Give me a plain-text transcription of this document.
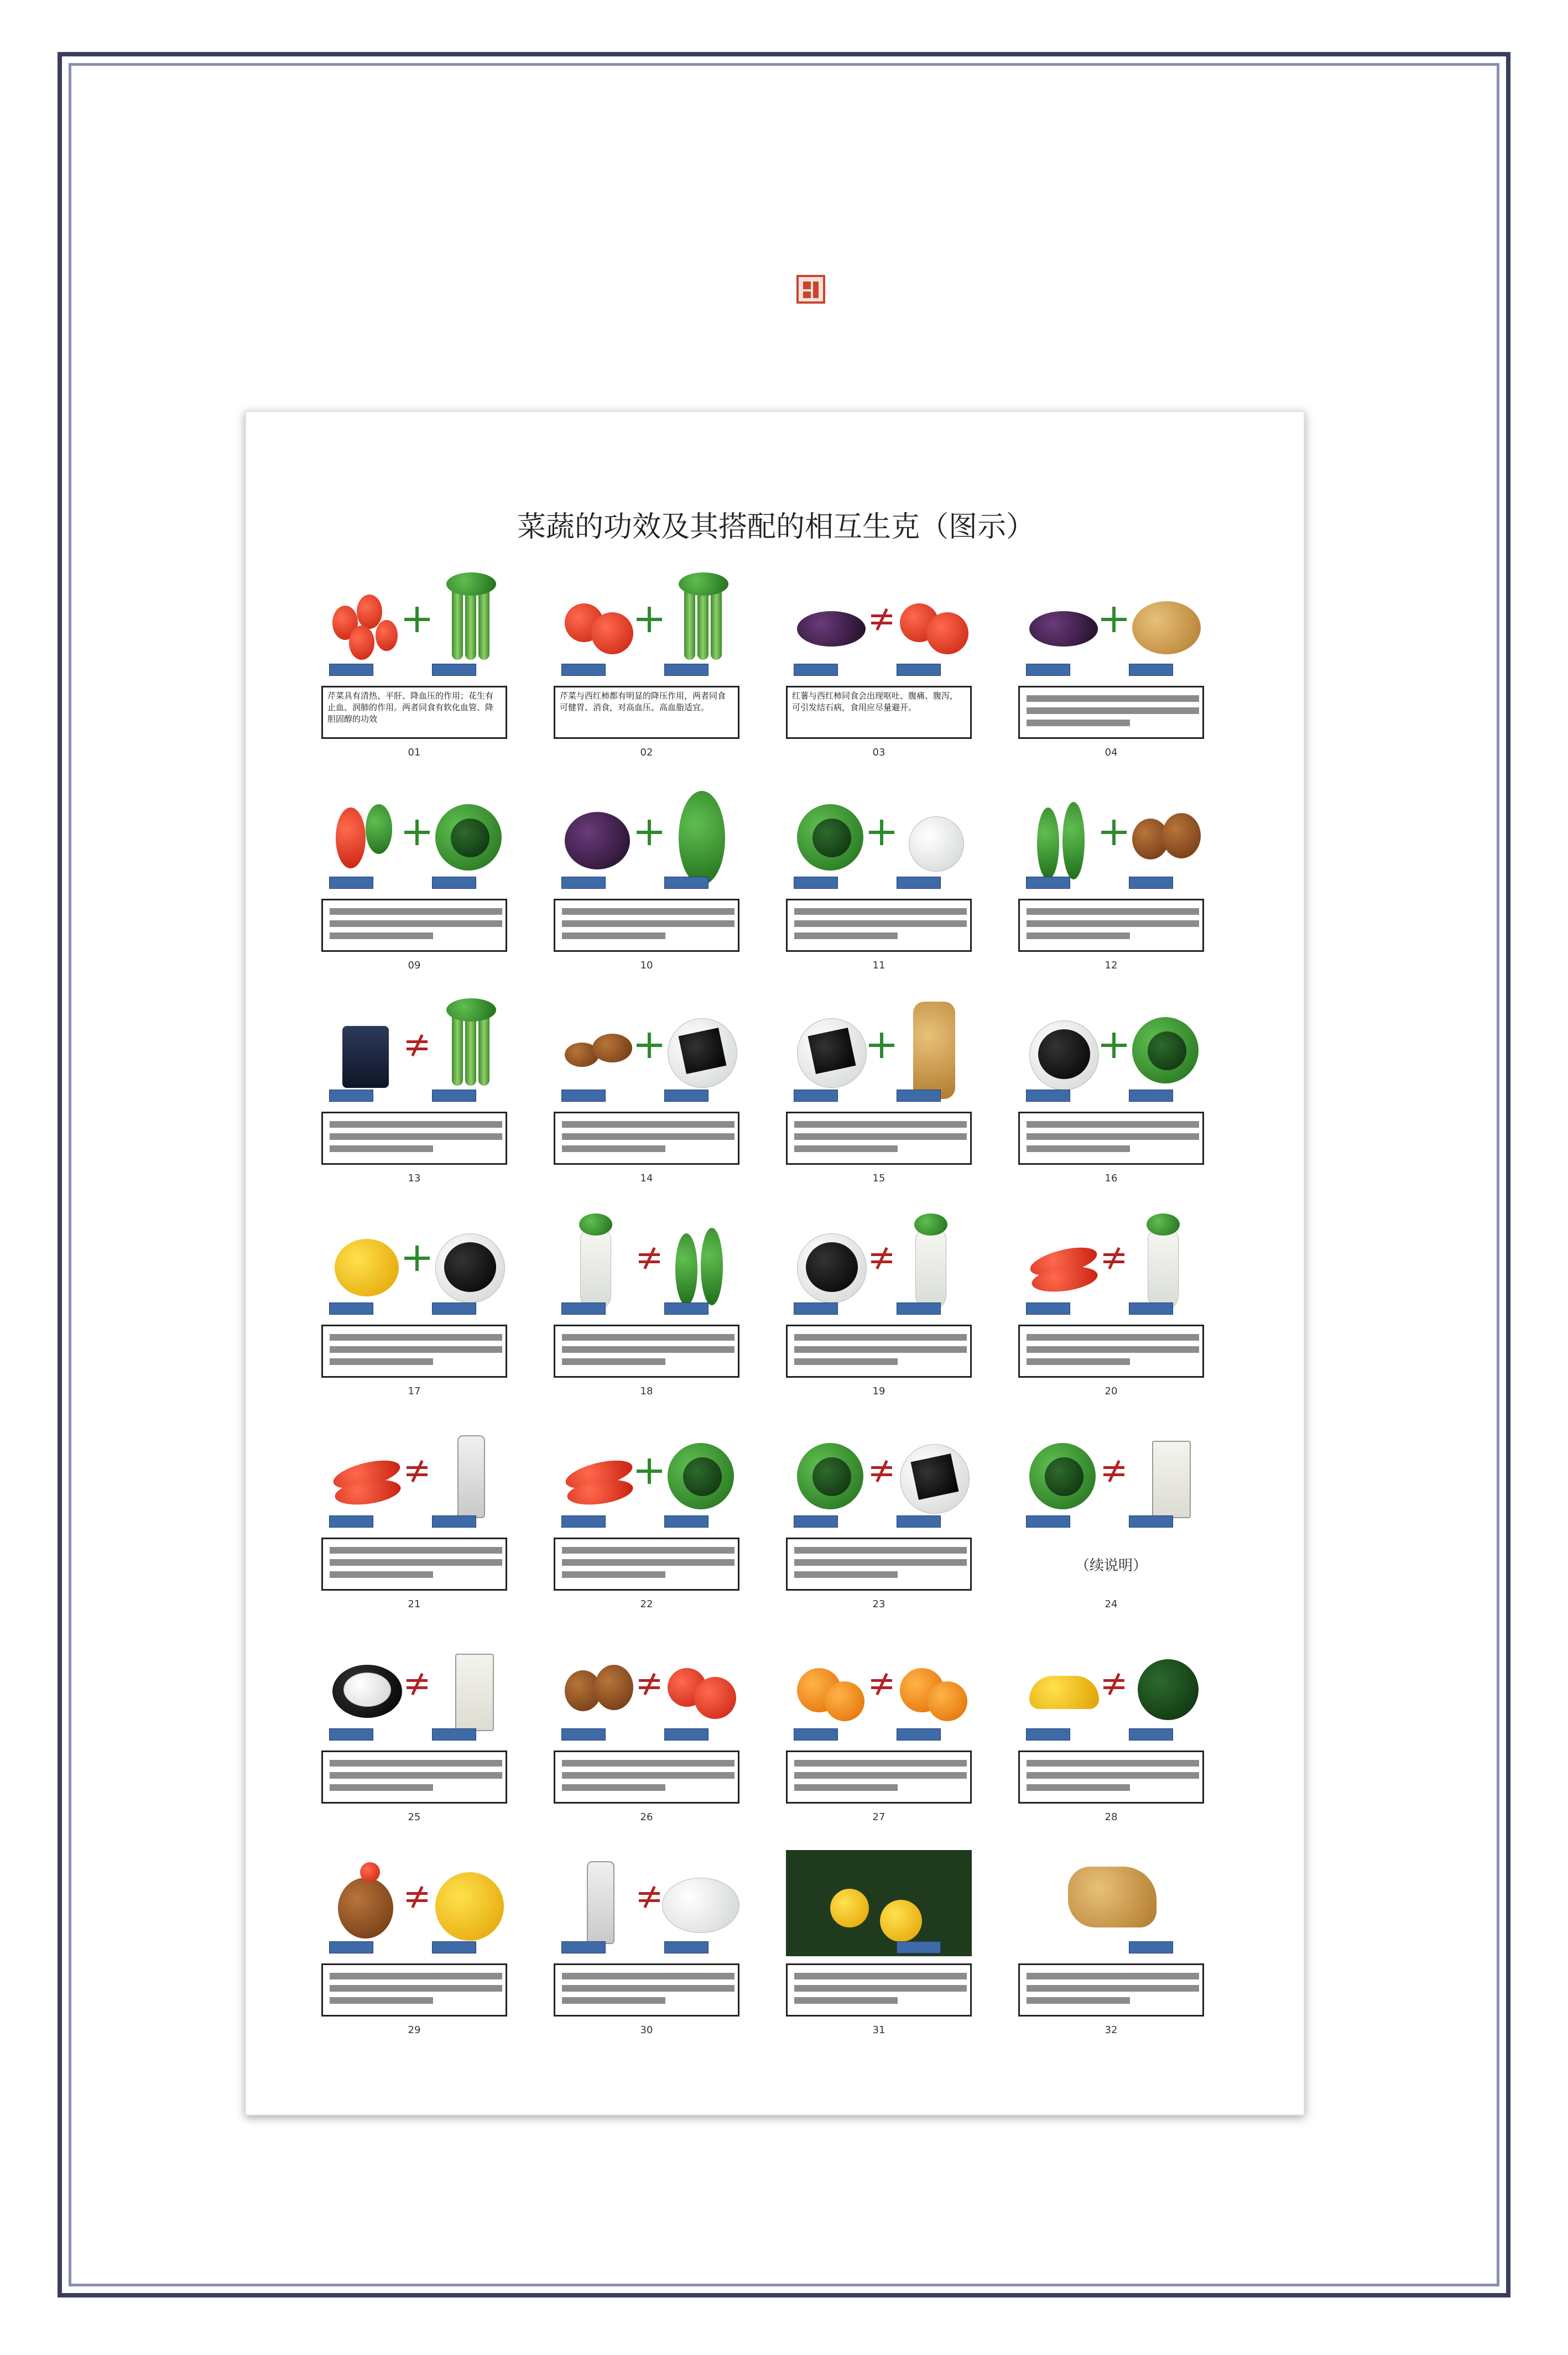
菜蔬的功效及其搭配的相互生克（图示）
芹菜具有清热、平肝、降血压的作用；花生有止血、润肺的作用。两者同食有软化血管、降胆固醇的功效
01
芹菜与西红柿都有明显的降压作用，两者同食可健胃、消食，对高血压、高血脂适宜。
02
红薯与西红柿同食会出现呕吐、腹痛、腹泻，可引发结石病，食用应尽量避开。
03	04
09	10	11	12
13	14	15	16
17	18	19	20
21	22	23
（续说明）
24
25	26	27	28
29	30	31	32
